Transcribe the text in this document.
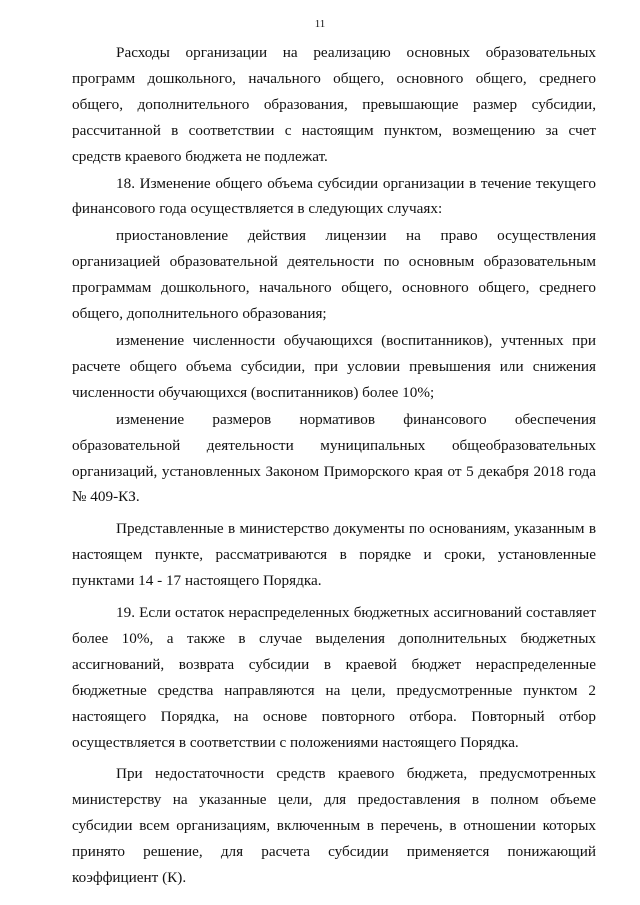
11

Расходы организации на реализацию основных образовательных программ дошкольного, начального общего, основного общего, среднего общего, дополнительного образования, превышающие размер субсидии, рассчитанной в соответствии с настоящим пунктом, возмещению за счет средств краевого бюджета не подлежат.

18. Изменение общего объема субсидии организации в течение текущего финансового года осуществляется в следующих случаях:

приостановление действия лицензии на право осуществления организацией образовательной деятельности по основным образовательным программам дошкольного, начального общего, основного общего, среднего общего, дополнительного образования;

изменение численности обучающихся (воспитанников), учтенных при расчете общего объема субсидии, при условии превышения или снижения численности обучающихся (воспитанников) более 10%;

изменение размеров нормативов финансового обеспечения образовательной деятельности муниципальных общеобразовательных организаций, установленных Законом Приморского края от 5 декабря 2018 года № 409-КЗ.

Представленные в министерство документы по основаниям, указанным в настоящем пункте, рассматриваются в порядке и сроки, установленные пунктами 14 - 17 настоящего Порядка.

19. Если остаток нераспределенных бюджетных ассигнований составляет более 10%, а также в случае выделения дополнительных бюджетных ассигнований, возврата субсидии в краевой бюджет нераспределенные бюджетные средства направляются на цели, предусмотренные пунктом 2 настоящего Порядка, на основе повторного отбора. Повторный отбор осуществляется в соответствии с положениями настоящего Порядка.

При недостаточности средств краевого бюджета, предусмотренных министерству на указанные цели, для предоставления в полном объеме субсидии всем организациям, включенным в перечень, в отношении которых принято решение, для расчета субсидии применяется понижающий коэффициент (К).
